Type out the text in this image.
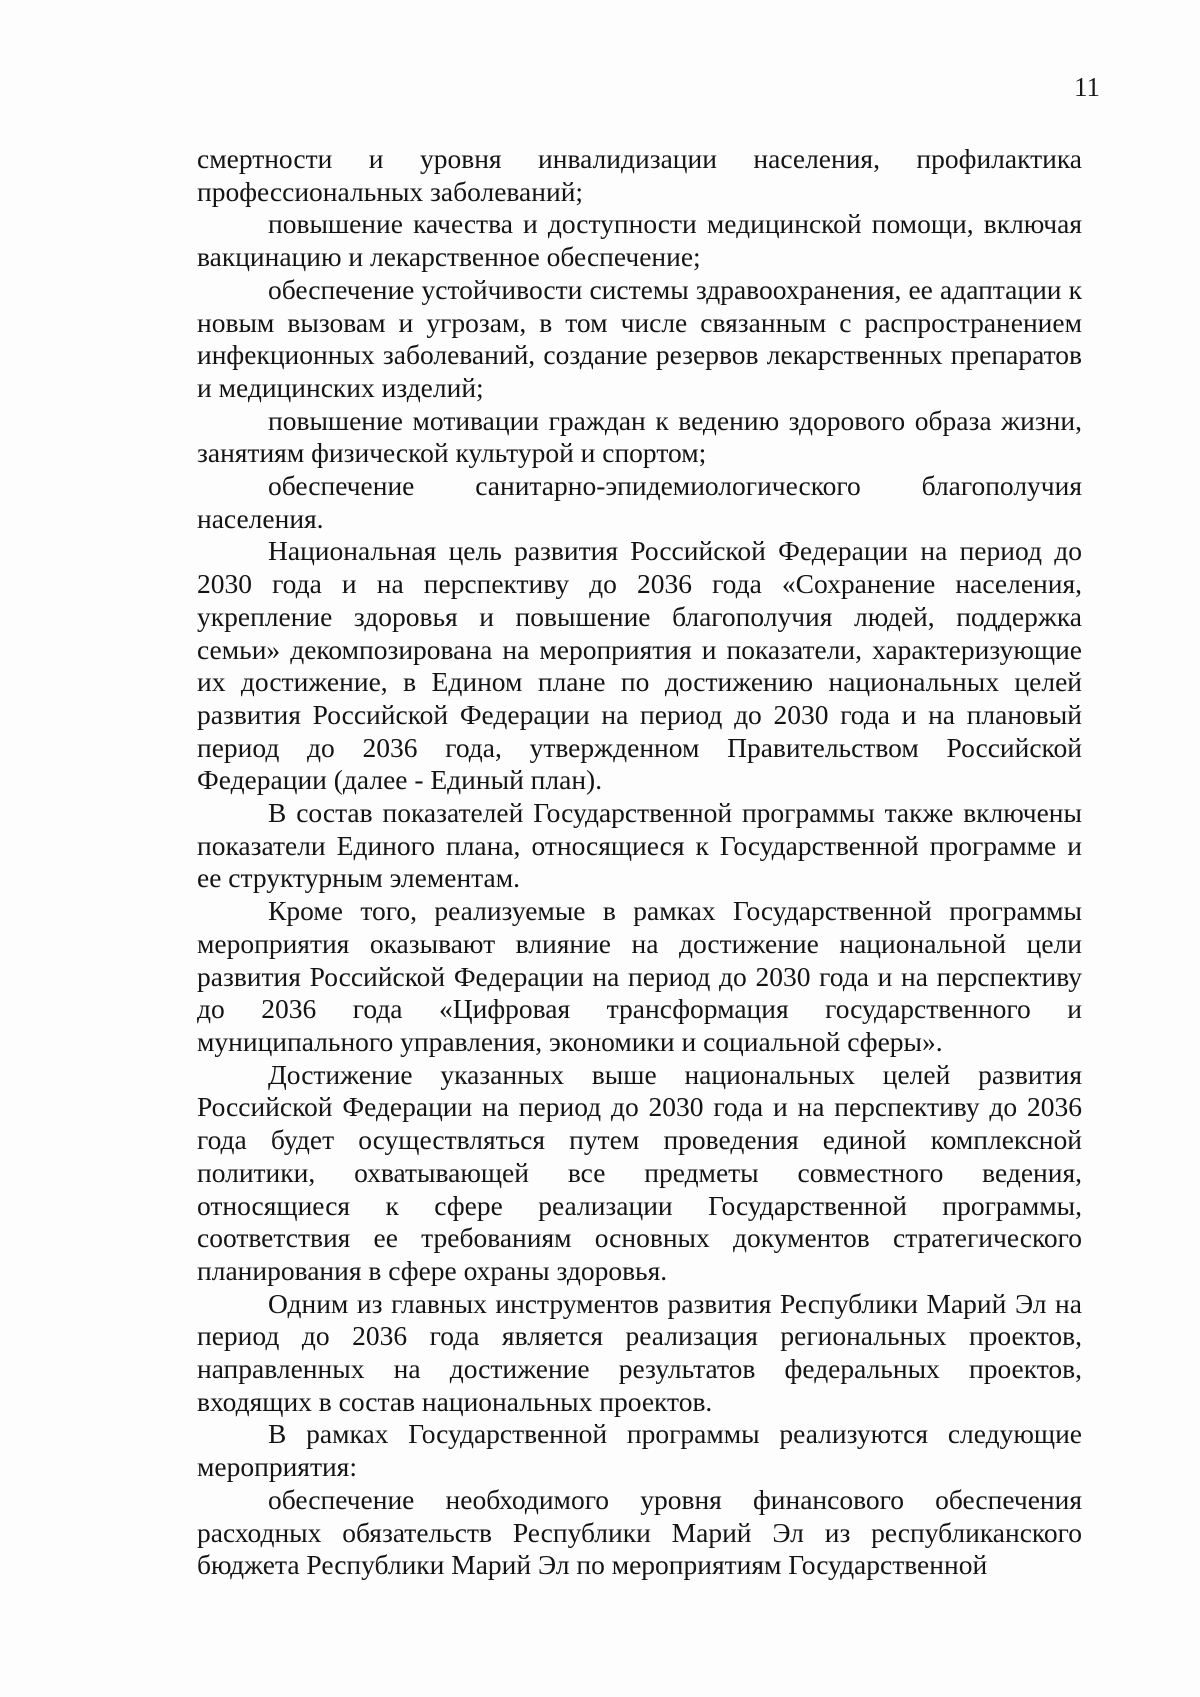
11

смертности и уровня инвалидизации населения, профилактика профессиональных заболеваний;

повышение качества и доступности медицинской помощи, включая вакцинацию и лекарственное обеспечение;

обеспечение устойчивости системы здравоохранения, ее адаптации к новым вызовам и угрозам, в том числе связанным с распространением инфекционных заболеваний, создание резервов лекарственных препаратов и медицинских изделий;

повышение мотивации граждан к ведению здорового образа жизни, занятиям физической культурой и спортом;

обеспечение санитарно-эпидемиологического благополучия населения.

Национальная цель развития Российской Федерации на период до 2030 года и на перспективу до 2036 года «Сохранение населения, укрепление здоровья и повышение благополучия людей, поддержка семьи» декомпозирована на мероприятия и показатели, характеризующие их достижение, в Едином плане по достижению национальных целей развития Российской Федерации на период до 2030 года и на плановый период до 2036 года, утвержденном Правительством Российской Федерации (далее - Единый план).

В состав показателей Государственной программы также включены показатели Единого плана, относящиеся к Государственной программе и ее структурным элементам.

Кроме того, реализуемые в рамках Государственной программы мероприятия оказывают влияние на достижение национальной цели развития Российской Федерации на период до 2030 года и на перспективу до 2036 года «Цифровая трансформация государственного и муниципального управления, экономики и социальной сферы».

Достижение указанных выше национальных целей развития Российской Федерации на период до 2030 года и на перспективу до 2036 года будет осуществляться путем проведения единой комплексной политики, охватывающей все предметы совместного ведения, относящиеся к сфере реализации Государственной программы, соответствия ее требованиям основных документов стратегического планирования в сфере охраны здоровья.

Одним из главных инструментов развития Республики Марий Эл на период до 2036 года является реализация региональных проектов, направленных на достижение результатов федеральных проектов, входящих в состав национальных проектов.

В рамках Государственной программы реализуются следующие мероприятия:

обеспечение необходимого уровня финансового обеспечения расходных обязательств Республики Марий Эл из республиканского бюджета Республики Марий Эл по мероприятиям Государственной
